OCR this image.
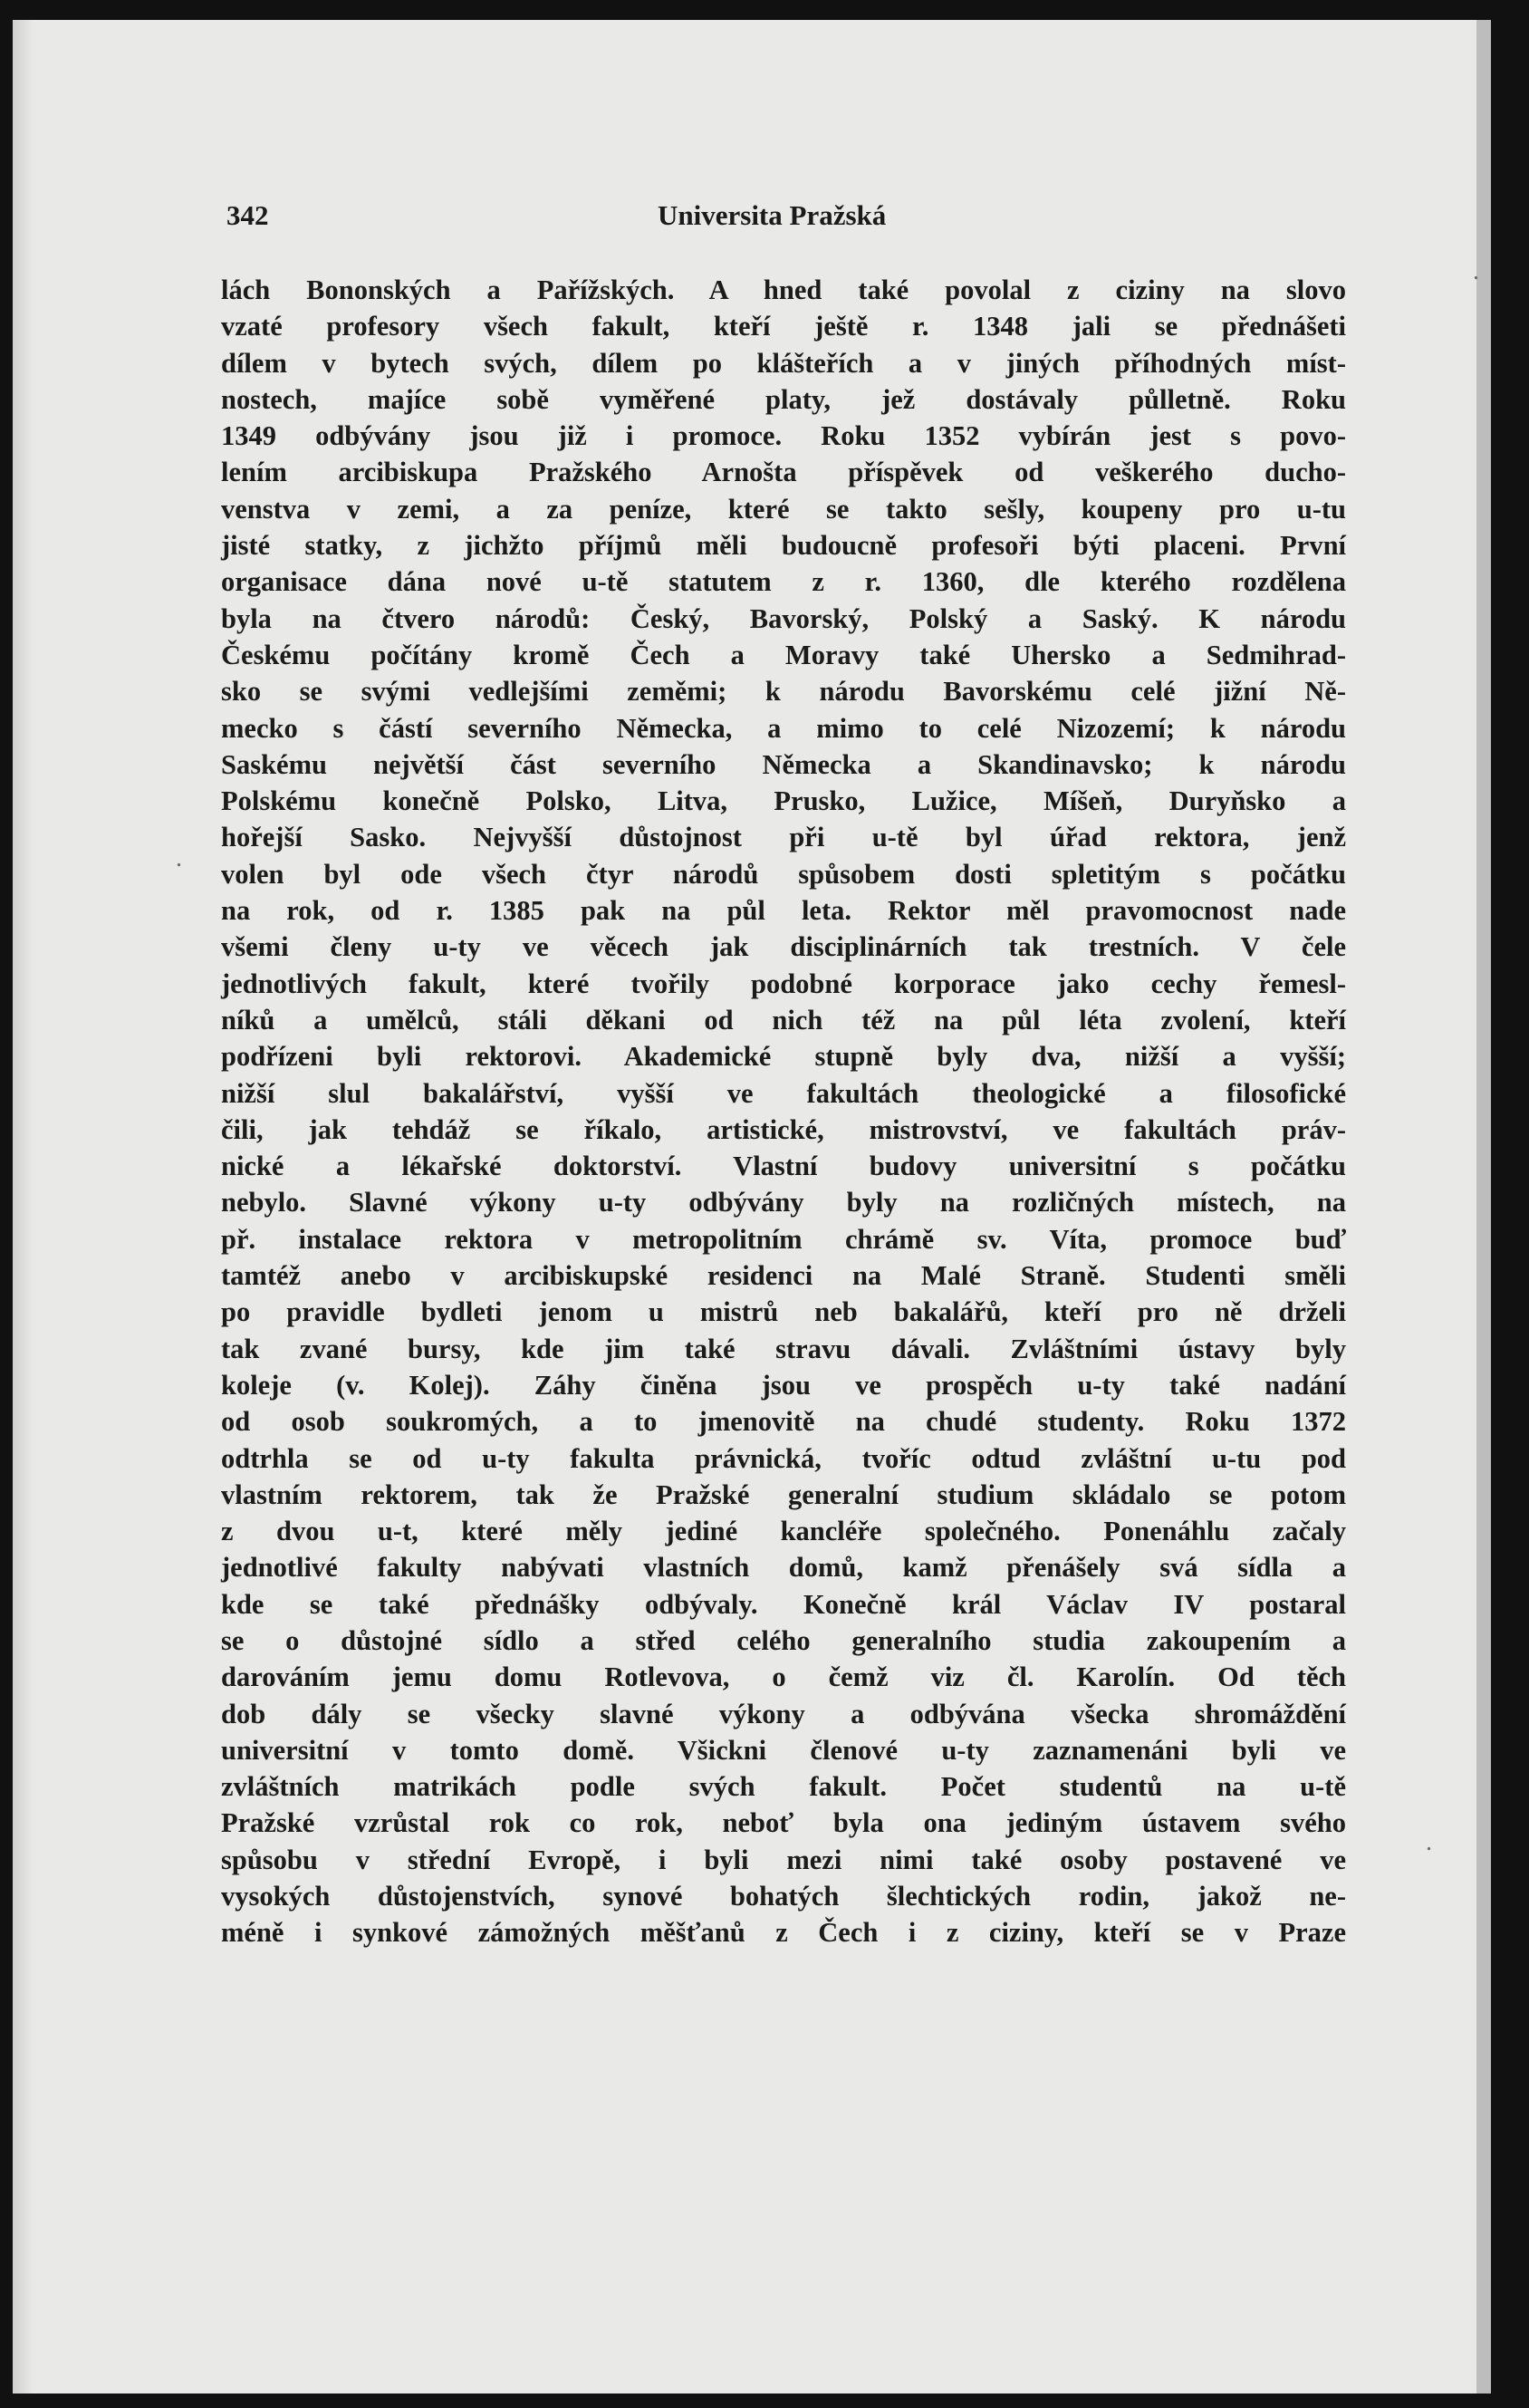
342	Universita Pražská
lách Bononských a Pařížských. A hned také povolal z ciziny na slovo
vzaté profesory všech fakult, kteří ještě r. 1348 jali se přednášeti
dílem v bytech svých, dílem po klášteřích a v jiných příhodných míst-
nostech, majíce sobě vyměřené platy, jež dostávaly půlletně. Roku
1349 odbývány jsou již i promoce. Roku 1352 vybírán jest s povo-
lením arcibiskupa Pražského Arnošta příspěvek od veškerého ducho-
venstva v zemi, a za peníze, které se takto sešly, koupeny pro u-tu
jisté statky, z jichžto příjmů měli budoucně profesoři býti placeni. První
organisace dána nové u-tě statutem z r. 1360, dle kterého rozdělena
byla na čtvero národů: Český, Bavorský, Polský a Saský. K národu
Českému počítány kromě Čech a Moravy také Uhersko a Sedmihrad-
sko se svými vedlejšími zeměmi; k národu Bavorskému celé jižní Ně-
mecko s částí severního Německa, a mimo to celé Nizozemí; k národu
Saskému největší část severního Německa a Skandinavsko; k národu
Polskému konečně Polsko, Litva, Prusko, Lužice, Míšeň, Duryňsko a
hořejší Sasko. Nejvyšší důstojnost při u-tě byl úřad rektora, jenž
volen byl ode všech čtyr národů spůsobem dosti spletitým s počátku
na rok, od r. 1385 pak na půl leta. Rektor měl pravomocnost nade
všemi členy u-ty ve věcech jak disciplinárních tak trestních. V čele
jednotlivých fakult, které tvořily podobné korporace jako cechy řemesl-
níků a umělců, stáli děkani od nich též na půl léta zvolení, kteří
podřízeni byli rektorovi. Akademické stupně byly dva, nižší a vyšší;
nižší slul bakalářství, vyšší ve fakultách theologické a filosofické
čili, jak tehdáž se říkalo, artistické, mistrovství, ve fakultách práv-
nické a lékařské doktorství. Vlastní budovy universitní s počátku
nebylo. Slavné výkony u-ty odbývány byly na rozličných místech, na
př. instalace rektora v metropolitním chrámě sv. Víta, promoce buď
tamtéž anebo v arcibiskupské residenci na Malé Straně. Studenti směli
po pravidle bydleti jenom u mistrů neb bakalářů, kteří pro ně drželi
tak zvané bursy, kde jim také stravu dávali. Zvláštními ústavy byly
koleje (v. Kolej). Záhy činěna jsou ve prospěch u-ty také nadání
od osob soukromých, a to jmenovitě na chudé studenty. Roku 1372
odtrhla se od u-ty fakulta právnická, tvoříc odtud zvláštní u-tu pod
vlastním rektorem, tak že Pražské generalní studium skládalo se potom
z dvou u-t, které měly jediné kancléře společného. Ponenáhlu začaly
jednotlivé fakulty nabývati vlastních domů, kamž přenášely svá sídla a
kde se také přednášky odbývaly. Konečně král Václav IV postaral
se o důstojné sídlo a střed celého generalního studia zakoupením a
darováním jemu domu Rotlevova, o čemž viz čl. Karolín. Od těch
dob dály se všecky slavné výkony a odbývána všecka shromáždění
universitní v tomto domě. Všickni členové u-ty zaznamenáni byli ve
zvláštních matrikách podle svých fakult. Počet studentů na u-tě
Pražské vzrůstal rok co rok, neboť byla ona jediným ústavem svého
spůsobu v střední Evropě, i byli mezi nimi také osoby postavené ve
vysokých důstojenstvích, synové bohatých šlechtických rodin, jakož ne-
méně i synkové zámožných měšťanů z Čech i z ciziny, kteří se v Praze
.
.
.
